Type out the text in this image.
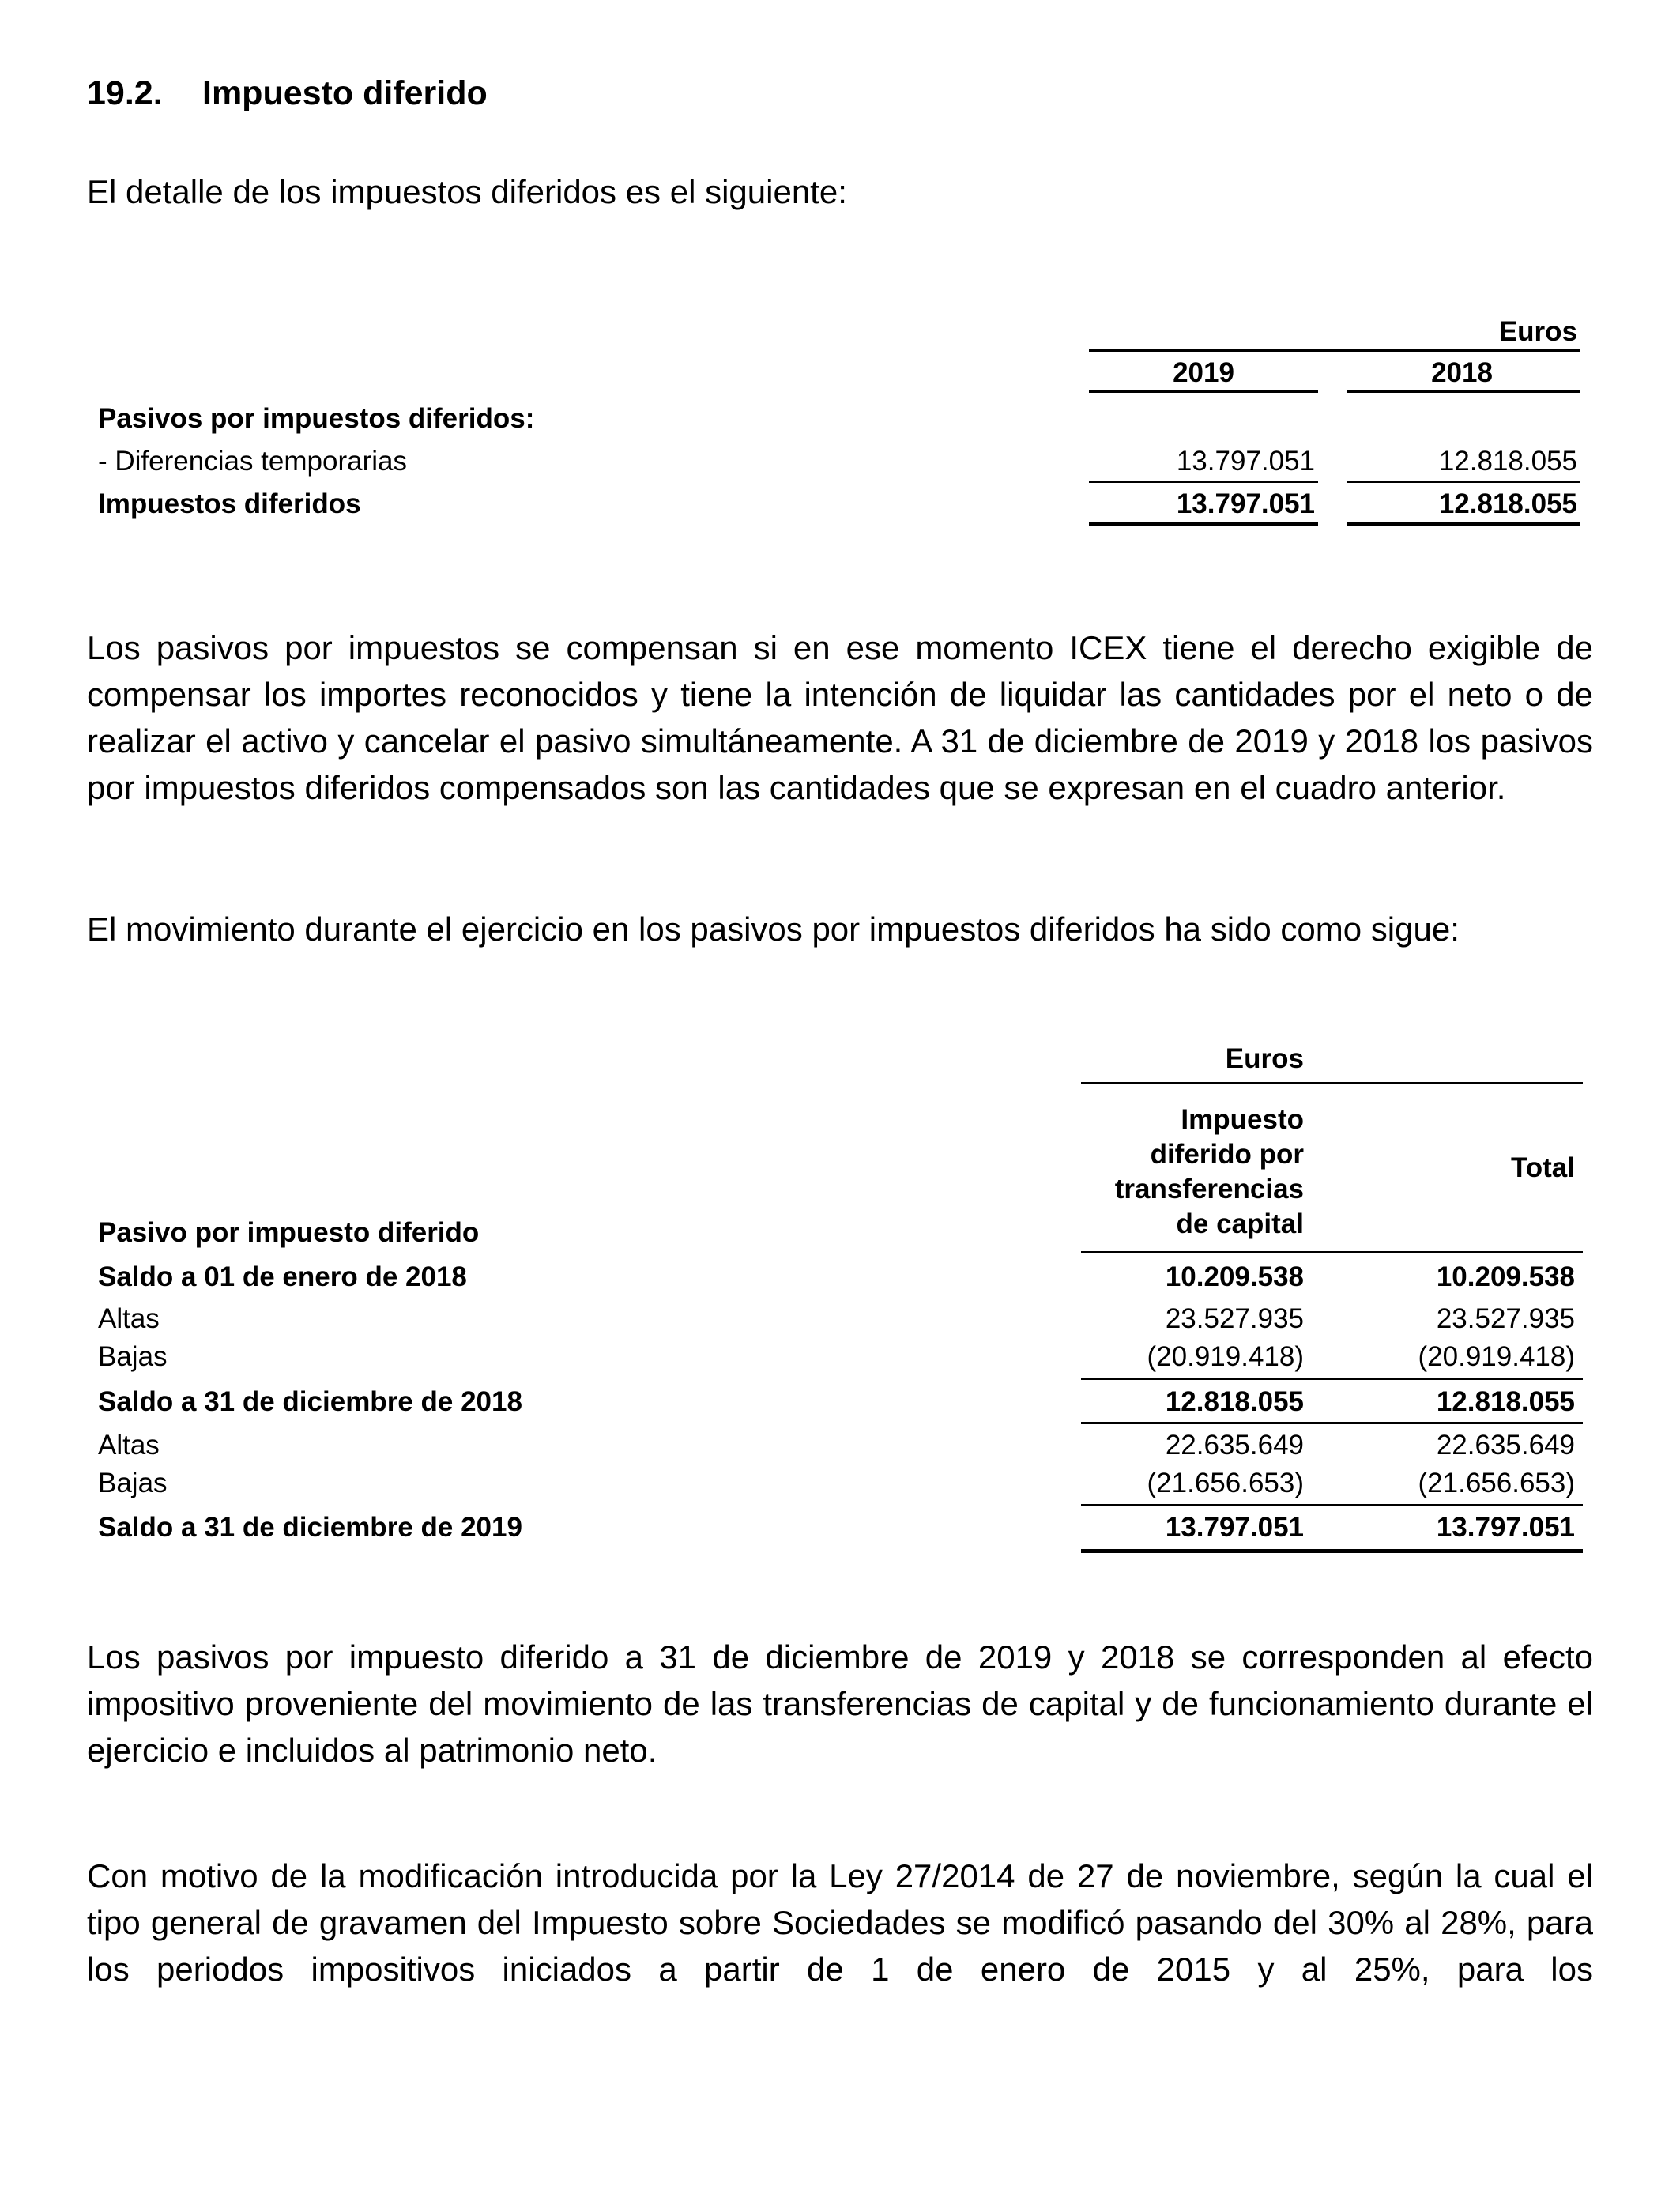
19.2. Impuesto diferido
El detalle de los impuestos diferidos es el siguiente:
Euros
2019	2018
Pasivos por impuestos diferidos:
- Diferencias temporarias	13.797.051	12.818.055
Impuestos diferidos	13.797.051	12.818.055
Los pasivos por impuestos se compensan si en ese momento ICEX tiene el derecho exigible de compensar los importes reconocidos y tiene la intención de liquidar las cantidades por el neto o de realizar el activo y cancelar el pasivo simultáneamente. A 31 de diciembre de 2019 y 2018 los pasivos por impuestos diferidos compensados son las cantidades que se expresan en el cuadro anterior.
El movimiento durante el ejercicio en los pasivos por impuestos diferidos ha sido como sigue:
Euros
Impuesto
diferido por
transferencias
de capital
Total
Pasivo por impuesto diferido
Saldo a 01 de enero de 2018	10.209.538	10.209.538
Altas	23.527.935	23.527.935
Bajas	(20.919.418)	(20.919.418)
Saldo a 31 de diciembre de 2018	12.818.055	12.818.055
Altas	22.635.649	22.635.649
Bajas	(21.656.653)	(21.656.653)
Saldo a 31 de diciembre de 2019	13.797.051	13.797.051
Los pasivos por impuesto diferido a 31 de diciembre de 2019 y 2018 se corresponden al efecto impositivo proveniente del movimiento de las transferencias de capital y de funcionamiento durante el ejercicio e incluidos al patrimonio neto.
Con motivo de la modificación introducida por la Ley 27/2014 de 27 de noviembre, según la cual el tipo general de gravamen del Impuesto sobre Sociedades se modificó pasando del 30% al 28%, para los periodos impositivos iniciados a partir de 1 de enero de 2015 y al 25%, para los
